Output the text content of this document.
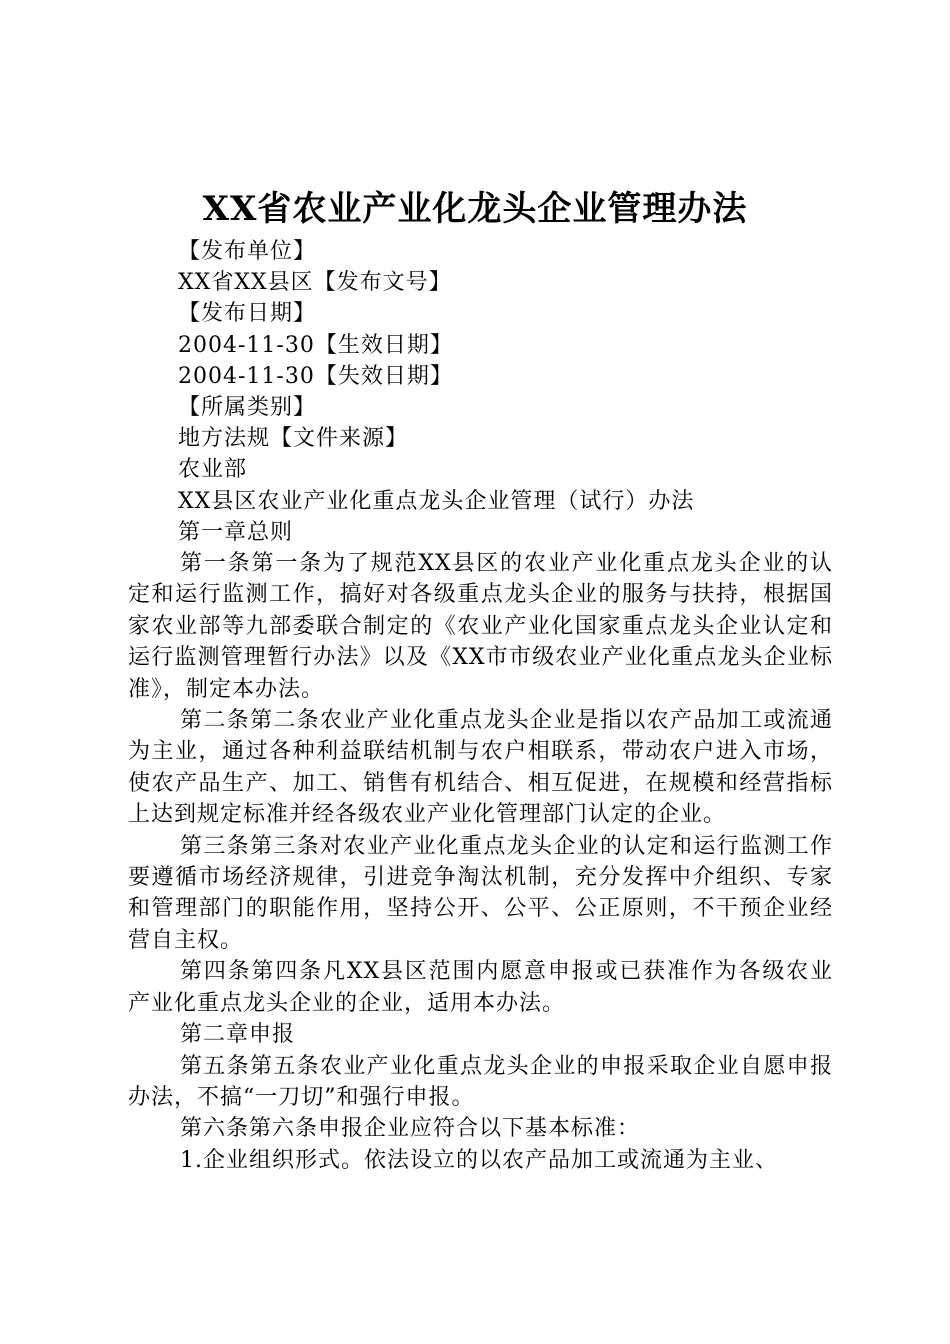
XX省农业产业化龙头企业管理办法
【发布单位】
XX省XX县区【发布文号】
【发布日期】
2004-11-30【生效日期】
2004-11-30【失效日期】
【所属类别】
地方法规【文件来源】
农业部
XX县区农业产业化重点龙头企业管理（试行）办法
第一章总则

第一条第一条为了规范XX县区的农业产业化重点龙头企业的认定和运行监测工作，搞好对各级重点龙头企业的服务与扶持，根据国家农业部等九部委联合制定的《农业产业化国家重点龙头企业认定和运行监测管理暂行办法》以及《XX市市级农业产业化重点龙头企业标准》，制定本办法。

第二条第二条农业产业化重点龙头企业是指以农产品加工或流通为主业，通过各种利益联结机制与农户相联系，带动农户进入市场，使农产品生产、加工、销售有机结合、相互促进，在规模和经营指标上达到规定标准并经各级农业产业化管理部门认定的企业。

第三条第三条对农业产业化重点龙头企业的认定和运行监测工作要遵循市场经济规律，引进竞争淘汰机制，充分发挥中介组织、专家和管理部门的职能作用，坚持公开、公平、公正原则，不干预企业经营自主权。

第四条第四条凡XX县区范围内愿意申报或已获准作为各级农业产业化重点龙头企业的企业，适用本办法。

第二章申报

第五条第五条农业产业化重点龙头企业的申报采取企业自愿申报办法，不搞“一刀切”和强行申报。

第六条第六条申报企业应符合以下基本标准：

1.企业组织形式。依法设立的以农产品加工或流通为主业、
